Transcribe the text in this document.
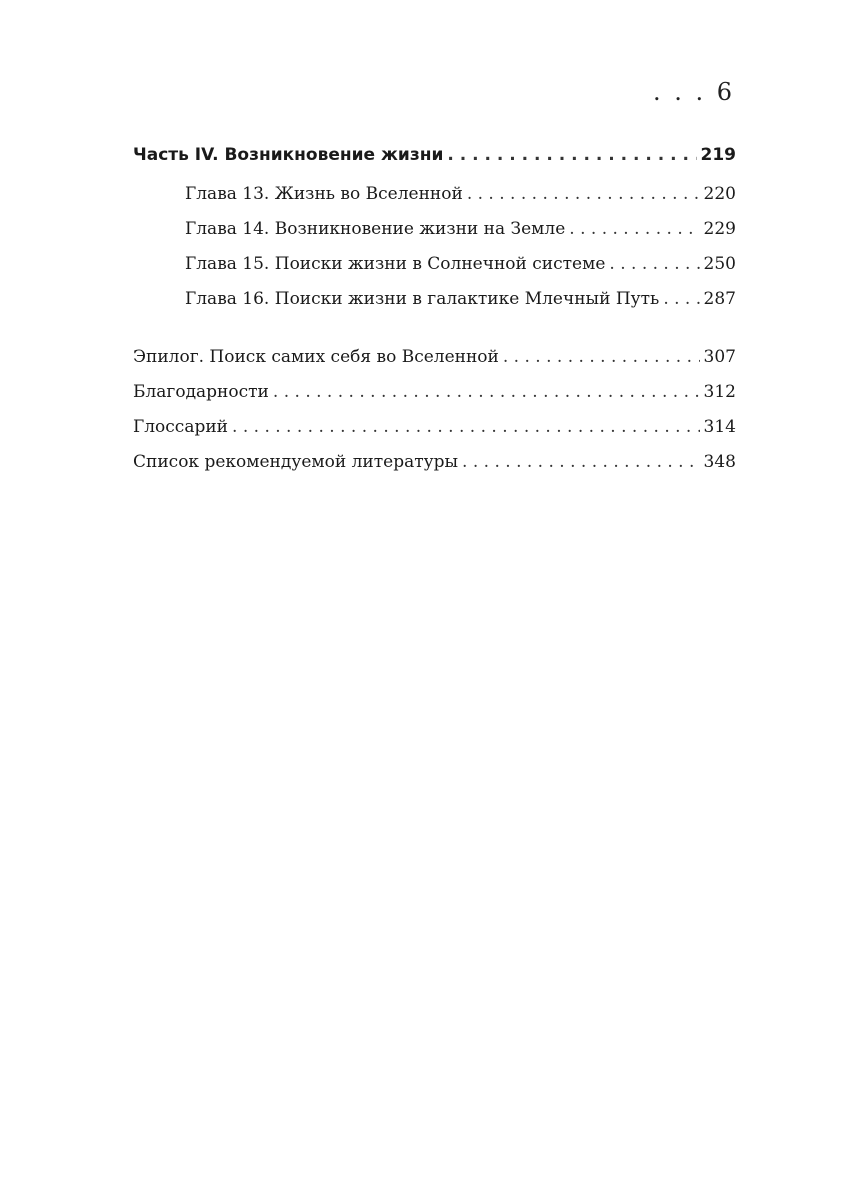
. . . 6
Часть IV. Возникновение жизни . . .	219
Глава 13. Жизнь во Вселенной . . .	220
Глава 14. Возникновение жизни на Земле . . .	229
Глава 15. Поиски жизни в Солнечной системе . . .	250
Глава 16. Поиски жизни в галактике Млечный Путь . . .	287
Эпилог. Поиск самих себя во Вселенной . . .	307
Благодарности . . .	312
Глоссарий . . .	314
Список рекомендуемой литературы . . .	348
